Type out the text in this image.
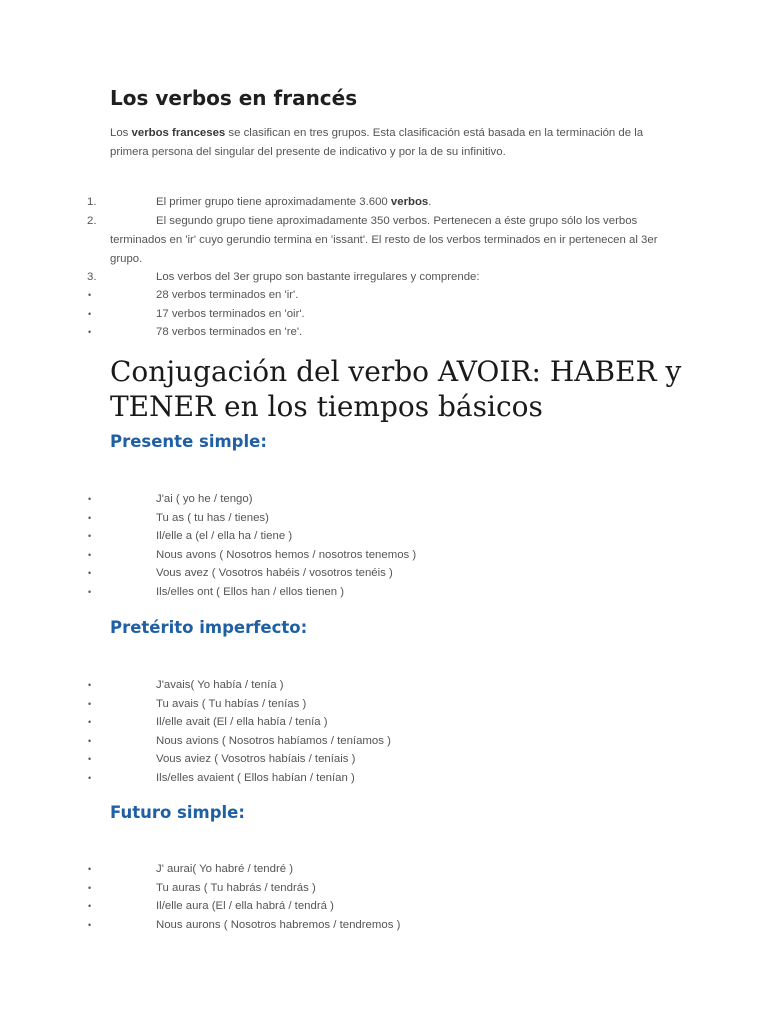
Los verbos en francés

Los verbos franceses se clasifican en tres grupos. Esta clasificación está basada en la terminación de la primera persona del singular del presente de indicativo y por la de su infinitivo.

1.	El primer grupo tiene aproximadamente 3.600 verbos.
2.	El segundo grupo tiene aproximadamente 350 verbos. Pertenecen a éste grupo sólo los verbos
terminados en 'ir' cuyo gerundio termina en 'issant'. El resto de los verbos terminados en ir pertenecen al 3er grupo.
3.	Los verbos del 3er grupo son bastante irregulares y comprende:
•	28 verbos terminados en 'ir'.
•	17 verbos terminados en 'oir'.
•	78 verbos terminados en 're'.
Conjugación del verbo AVOIR: HABER y TENER en los tiempos básicos
Presente simple:
•	J'ai ( yo he / tengo)
•	Tu as ( tu has / tienes)
•	Il/elle a (el / ella ha / tiene )
•	Nous avons ( Nosotros hemos / nosotros tenemos )
•	Vous avez ( Vosotros habéis / vosotros tenéis )
•	Ils/elles ont ( Ellos han / ellos tienen )
Pretérito imperfecto:
•	J'avais( Yo había / tenía )
•	Tu avais ( Tu habías / tenías )
•	Il/elle avait (El / ella había / tenía )
•	Nous avions ( Nosotros habíamos / teníamos )
•	Vous aviez ( Vosotros habíais / teníais )
•	Ils/elles avaient ( Ellos habían / tenían )
Futuro simple:
•	J' aurai( Yo habré / tendré )
•	Tu auras ( Tu habrás / tendrás )
•	Il/elle aura (El / ella habrá / tendrá )
•	Nous aurons ( Nosotros habremos / tendremos )
